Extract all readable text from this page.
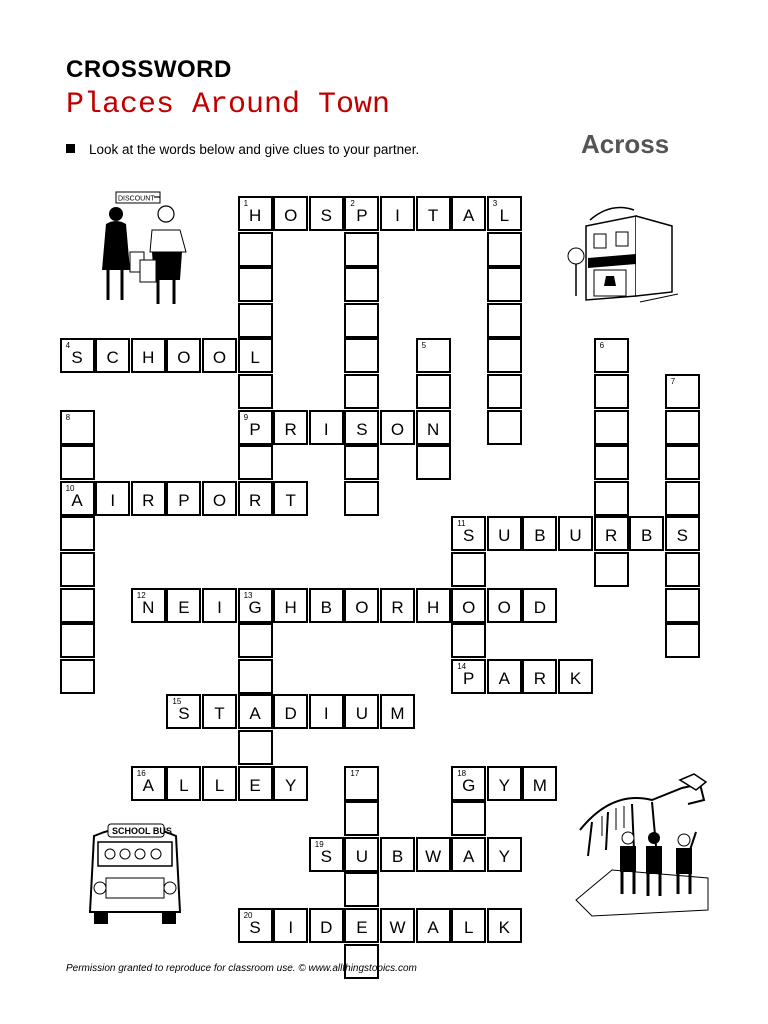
CROSSWORD
Places Around Town
Look at the words below and give clues to your partner.	Across
1
H	O	S
2
P	I	T	A
3
L
4
S	C	H	O	O	L
9
P	R	I	S	O	N
10
A	I	R	P	O	R	T
11
S	U	B	U	R	B	S
12
N	E	I
13
G	H	B	O	R	H	O	O	D
14
P	A	R	K
15
S	T	A	D	I	U	M
16
A	L	L	E	Y
18
G	Y	M
19
S	U	B	W	A	Y
20
S	I	D	E	W	A	L	K
5	6
7
8
17
DISCOUNT
SCHOOL BUS
Permission granted to reproduce for classroom use. © www.allthingstopics.com
